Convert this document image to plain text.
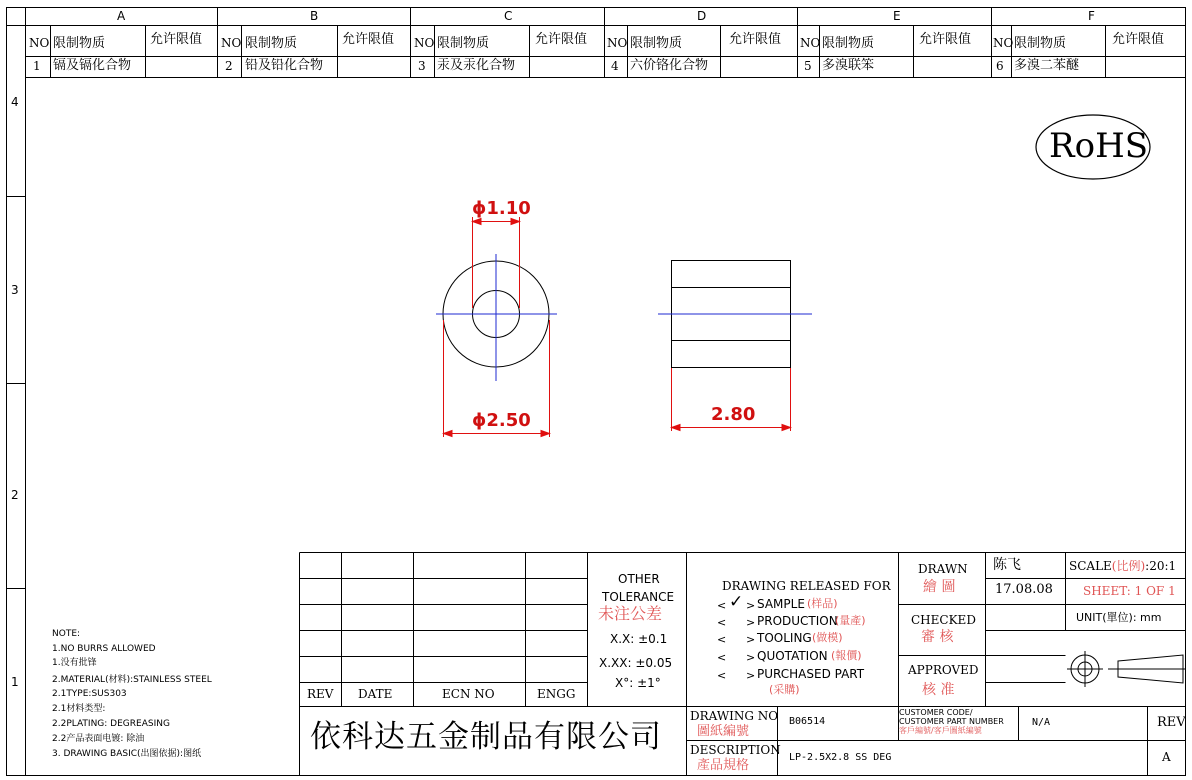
A	B	C	D	E	F
4
3
2
1
NO 限制物质	允许限值
1 镉及镉化合物
NO 限制物质	允许限值
2 铅及铅化合物
NO 限制物质	允许限值
3 汞及汞化合物
NO 限制物质	允许限值
4 六价铬化合物
NO 限制物质	允许限值
5 多溴联笨
NO 限制物质	允许限值
6 多溴二苯醚
RoHS
ϕ1.10
ϕ2.50	2.80
NOTE:
1.NO BURRS ALLOWED
1.没有批锋
2.MATERIAL(材料):STAINLESS STEEL
2.1TYPE:SUS303
2.1材料类型:
2.2PLATING: DEGREASING
2.2产品表面电镀: 除油
3. DRAWING BASIC(出图依据):图纸
REV DATE	ECN NO	ENGG
OTHER
TOLERANCE
未注公差
X.X: ±0.1
X.XX: ±0.05
X°: ±1°
DRAWING RELEASED FOR
< ✓ > SAMPLE (样品)
< > PRODUCTION
(量產)
< > TOOLING (做模)
< > QUOTATION (報價)
< > PURCHASED PART
(采購)
DRAWN
繪 圖
陈飞
17.08.08
CHECKED
審 核
APPROVED
核 准
SCALE(比例):20:1
SHEET: 1 OF 1
UNIT(單位): mm
依科达五金制品有限公司
DRAWING NO
圖紙編號
B06514
CUSTOMER CODE/
CUSTOMER PART NUMBER
客戶編號/客戶圖紙編號
N/A	REV
A
DESCRIPTION
產品規格
LP-2.5X2.8 SS DEG
